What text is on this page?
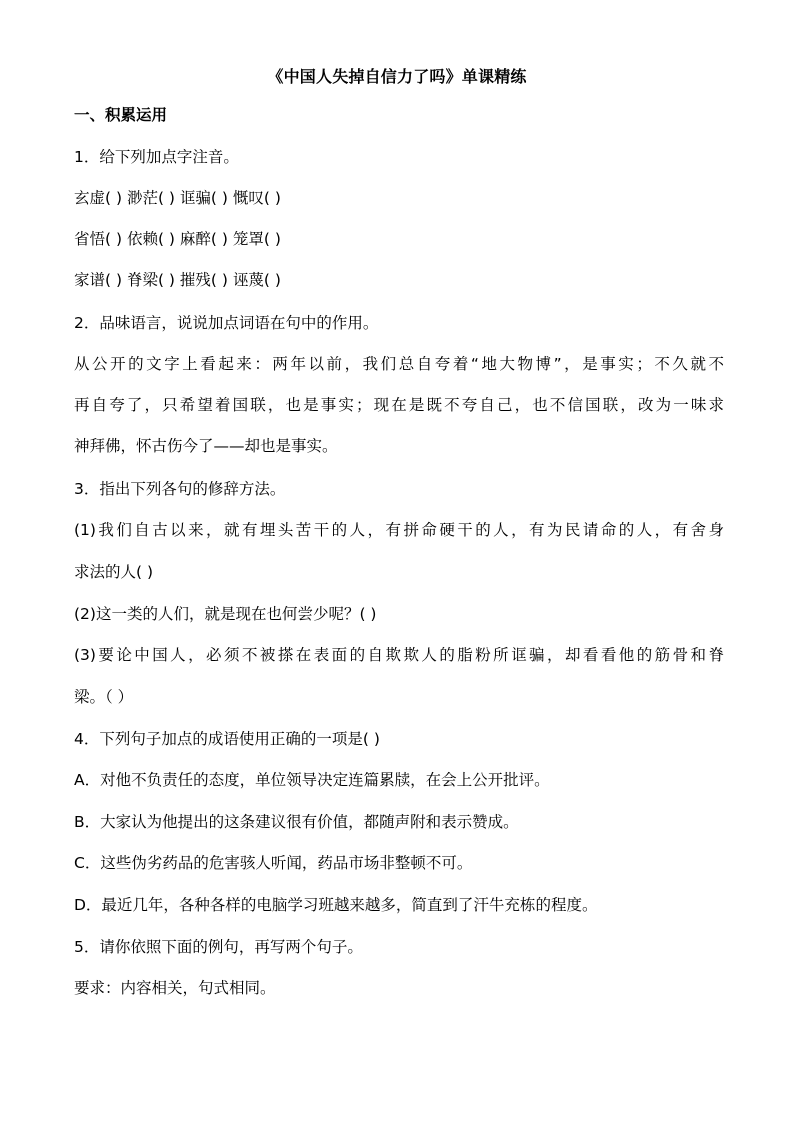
《中国人失掉自信力了吗》单课精练
一、积累运用
1．给下列加点字注音。
玄虚( ) 渺茫( ) 诓骗( ) 慨叹( )
省悟( ) 依赖( ) 麻醉( ) 笼罩( )
家谱( ) 脊梁( ) 摧残( ) 诬蔑( )
2．品味语言，说说加点词语在句中的作用。
从公开的文字上看起来：两年以前，我们总自夸着“地大物博”，是事实；不久就不
再自夸了，只希望着国联，也是事实；现在是既不夸自己，也不信国联，改为一味求
神拜佛，怀古伤今了——却也是事实。
3．指出下列各句的修辞方法。
(1)我们自古以来，就有埋头苦干的人，有拼命硬干的人，有为民请命的人，有舍身
求法的人( )
(2)这一类的人们，就是现在也何尝少呢？( )
(3)要论中国人，必须不被搽在表面的自欺欺人的脂粉所诓骗，却看看他的筋骨和脊
梁。（ ）
4．下列句子加点的成语使用正确的一项是( )
A．对他不负责任的态度，单位领导决定连篇累牍，在会上公开批评。
B．大家认为他提出的这条建议很有价值，都随声附和表示赞成。
C．这些伪劣药品的危害骇人听闻，药品市场非整顿不可。
D．最近几年，各种各样的电脑学习班越来越多，简直到了汗牛充栋的程度。
5．请你依照下面的例句，再写两个句子。
要求：内容相关，句式相同。
